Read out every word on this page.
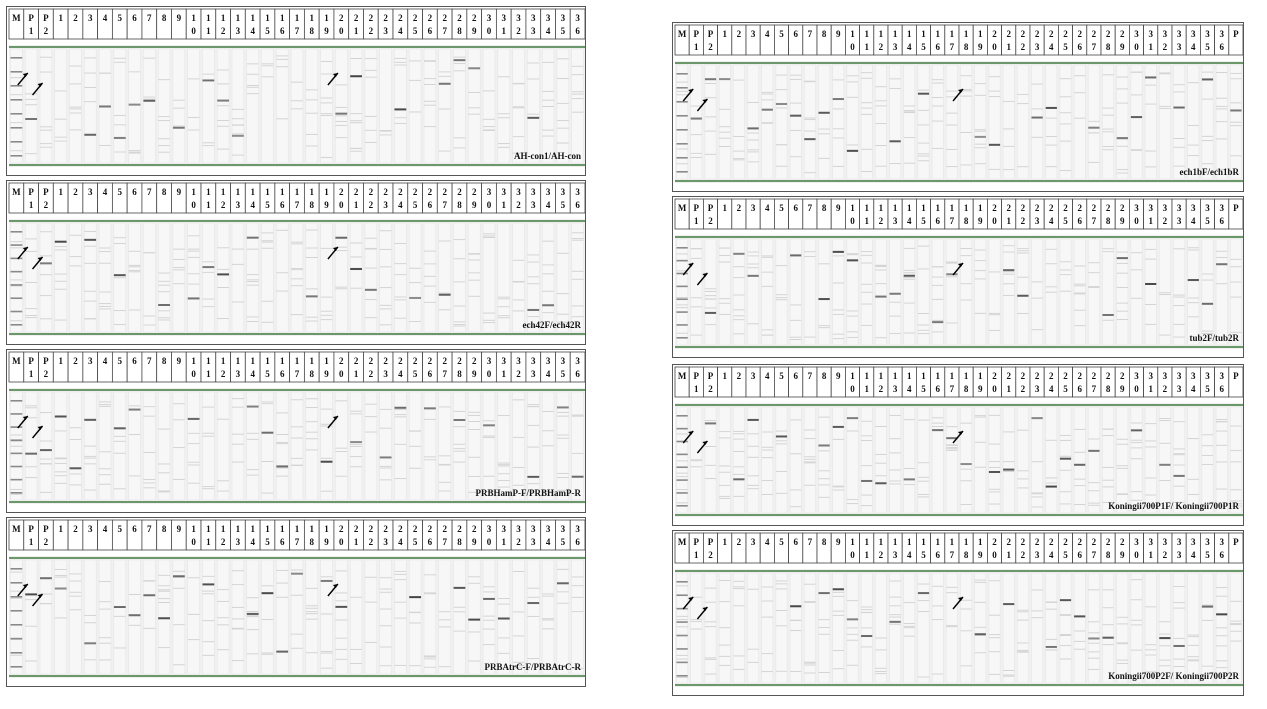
M P
1
P
2
1 2 3 4 5 6 7 8 9 1
0
1
1
1
2
1
3
1
4
1
5
1
6
1
7
1
8
1
9
2
0
2
1
2
2
2
3
2
4
2
5
2
6
2
7
2
8
2
9
3
0
3
1
3
2
3
3
3
4
3
5
3
6
AH-con1/AH-con
M P
1
P
2
1 2 3 4 5 6 7 8 9 1
0
1
1
1
2
1
3
1
4
1
5
1
6
1
7
1
8
1
9
2
0
2
1
2
2
2
3
2
4
2
5
2
6
2
7
2
8
2
9
3
0
3
1
3
2
3
3
3
4
3
5
3
6
ech42F/ech42R
M P
1
P
2
1 2 3 4 5 6 7 8 9 1
0
1
1
1
2
1
3
1
4
1
5
1
6
1
7
1
8
1
9
2
0
2
1
2
2
2
3
2
4
2
5
2
6
2
7
2
8
2
9
3
0
3
1
3
2
3
3
3
4
3
5
3
6
PRBHamP-F/PRBHamP-R
M P
1
P
2
1 2 3 4 5 6 7 8 9 1
0
1
1
1
2
1
3
1
4
1
5
1
6
1
7
1
8
1
9
2
0
2
1
2
2
2
3
2
4
2
5
2
6
2
7
2
8
2
9
3
0
3
1
3
2
3
3
3
4
3
5
3
6
PRBAtrC-F/PRBAtrC-R
M P
1
P
2
1 2 3 4 5 6 7 8 9 1
0
1
1
1
2
1
3
1
4
1
5
1
6
1
7
1
8
1
9
2
0
2
1
2
2
2
3
2
4
2
5
2
6
2
7
2
8
2
9
3
0
3
1
3
2
3
3
3
4
3
5
3
6
P
ech1bF/ech1bR
M P
1
P
2
1 2 3 4 5 6 7 8 9 1
0
1
1
1
2
1
3
1
4
1
5
1
6
1
7
1
8
1
9
2
0
2
1
2
2
2
3
2
4
2
5
2
6
2
7
2
8
2
9
3
0
3
1
3
2
3
3
3
4
3
5
3
6
P
tub2F/tub2R
M P
1
P
2
1 2 3 4 5 6 7 8 9 1
0
1
1
1
2
1
3
1
4
1
5
1
6
1
7
1
8
1
9
2
0
2
1
2
2
2
3
2
4
2
5
2
6
2
7
2
8
2
9
3
0
3
1
3
2
3
3
3
4
3
5
3
6
P
Koningii700P1F/ Koningii700P1R
M P
1
P
2
1 2 3 4 5 6 7 8 9 1
0
1
1
1
2
1
3
1
4
1
5
1
6
1
7
1
8
1
9
2
0
2
1
2
2
2
3
2
4
2
5
2
6
2
7
2
8
2
9
3
0
3
1
3
2
3
3
3
4
3
5
3
6
P
Koningii700P2F/ Koningii700P2R
